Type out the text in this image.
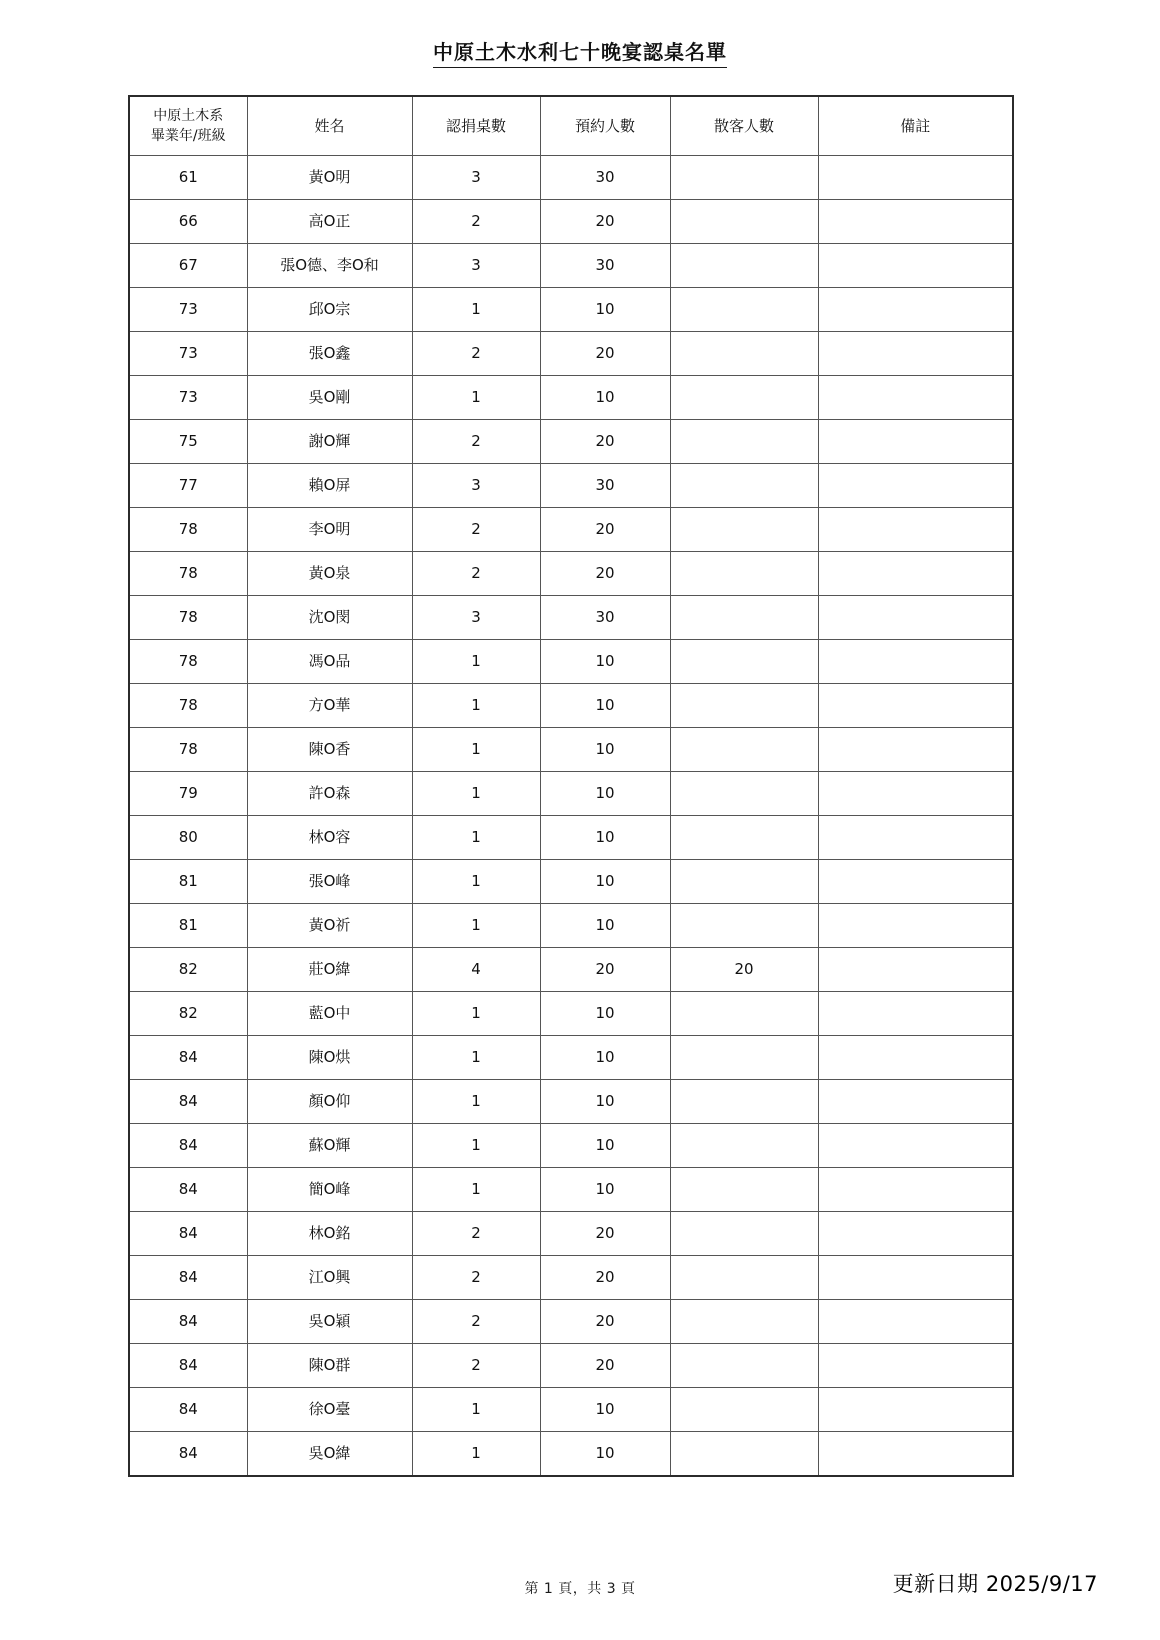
中原土木水利七十晚宴認桌名單
中原土木系
畢業年/班級	姓名	認捐桌數	預約人數	散客人數	備註
61	黃O明	3	30		
66	高O正	2	20		
67	張O德、李O和	3	30		
73	邱O宗	1	10		
73	張O鑫	2	20		
73	吳O剛	1	10		
75	謝O輝	2	20		
77	賴O屏	3	30		
78	李O明	2	20		
78	黃O泉	2	20		
78	沈O閔	3	30		
78	馮O品	1	10		
78	方O華	1	10		
78	陳O香	1	10		
79	許O森	1	10		
80	林O容	1	10		
81	張O峰	1	10		
81	黃O祈	1	10		
82	莊O緯	4	20	20	
82	藍O中	1	10		
84	陳O烘	1	10		
84	顏O仰	1	10		
84	蘇O輝	1	10		
84	簡O峰	1	10		
84	林O銘	2	20		
84	江O興	2	20		
84	吳O穎	2	20		
84	陳O群	2	20		
84	徐O臺	1	10		
84	吳O緯	1	10		
第 1 頁，共 3 頁	更新日期 2025/9/17
